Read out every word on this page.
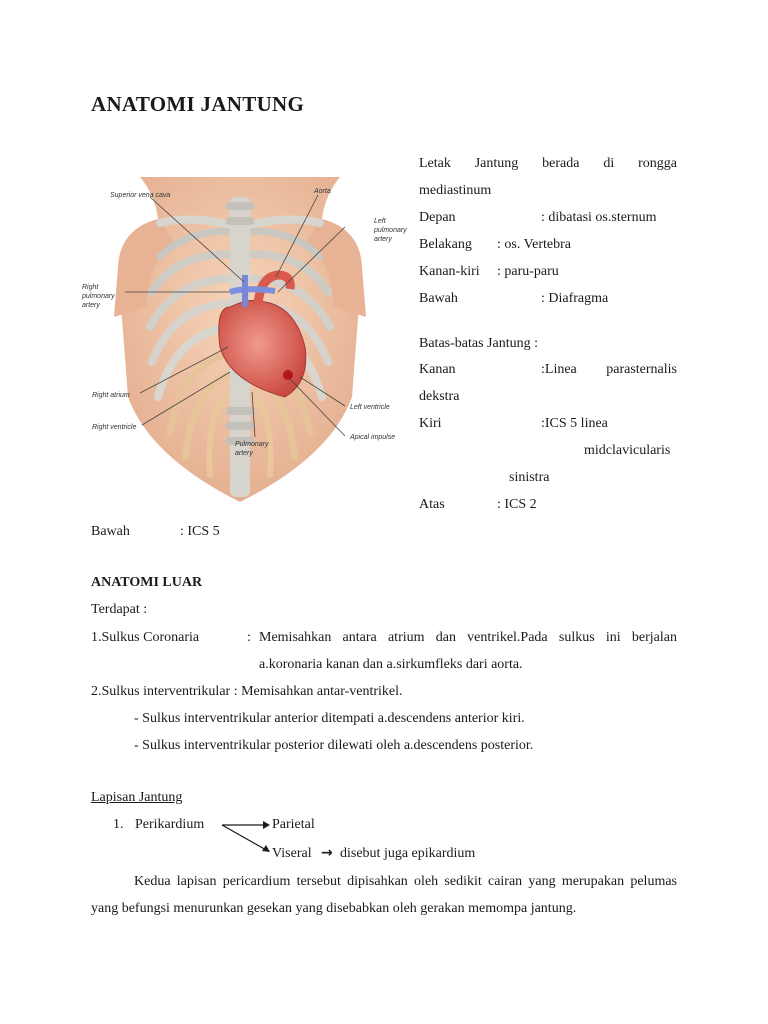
ANATOMI JANTUNG
Superior vena cava
Aorta
Left
pulmonary
artery
Right
pulmonary
artery
Right atrium
Right ventricle
Left ventricle
Apical impulse
Pulmonary
artery
Letak Jantung berada di rongga
mediastinum
Depan	: dibatasi os.sternum
Belakang : os. Vertebra
Kanan-kiri : paru-paru
Bawah	: Diafragma
Batas-batas Jantung :
Kanan	:Linea parasternalis
dekstra
Kiri	:ICS 5 linea
midclavicularis
sinistra
Atas	: ICS 2
Bawah	: ICS 5
ANATOMI LUAR
Terdapat :
1.Sulkus Coronaria	: Memisahkan antara atrium dan ventrikel.Pada sulkus ini berjalan
a.koronaria kanan dan a.sirkumfleks dari aorta.
2.Sulkus interventrikular : Memisahkan antar-ventrikel.
- Sulkus interventrikular anterior ditempati a.descendens anterior kiri.
- Sulkus interventrikular posterior dilewati oleh a.descendens posterior.
Lapisan Jantung
1. Perikardium	Parietal
Viseral → disebut juga epikardium
Kedua lapisan pericardium tersebut dipisahkan oleh sedikit cairan yang merupakan pelumas yang befungsi menurunkan gesekan yang disebabkan oleh gerakan memompa jantung.
